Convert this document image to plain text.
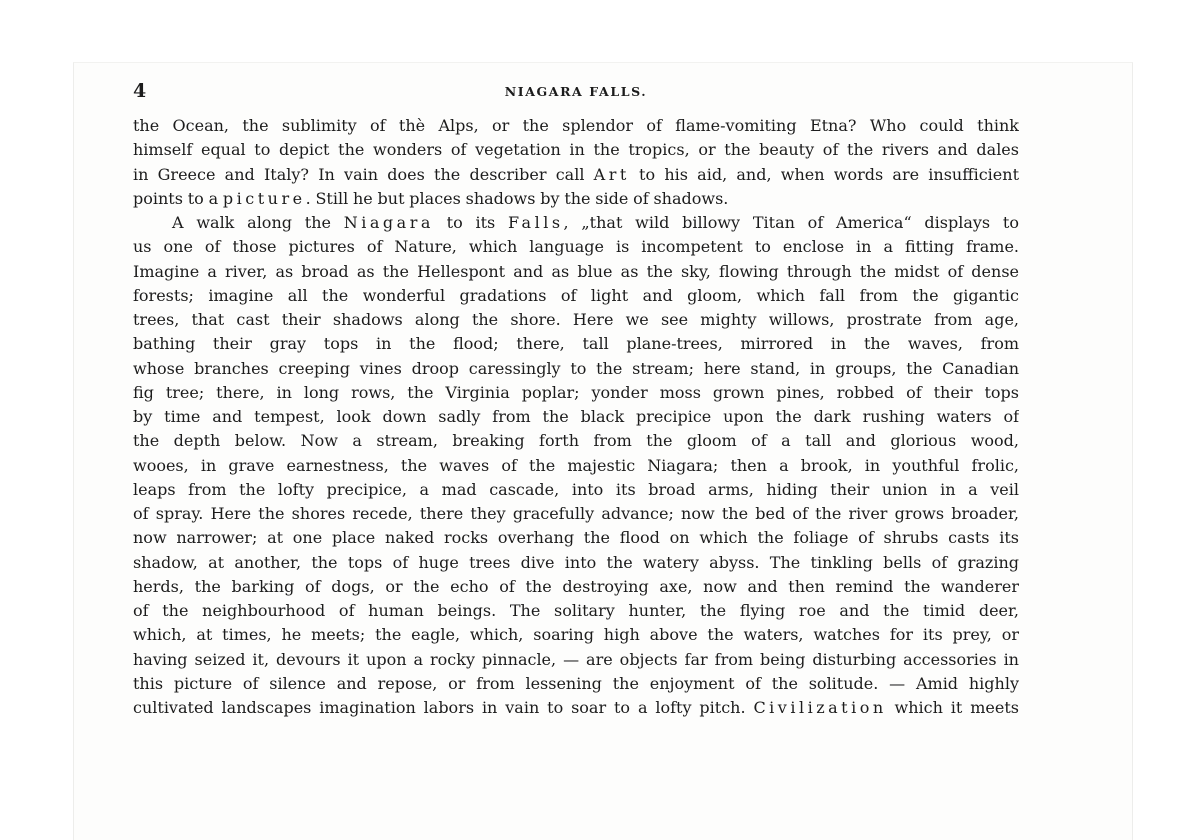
4	NIAGARA FALLS.
the Ocean, the sublimity of thè Alps, or the splendor of flame-vomiting Etna? Who could think
himself equal to depict the wonders of vegetation in the tropics, or the beauty of the rivers and dales
in Greece and Italy? In vain does the describer call Art to his aid, and, when words are insufficient
points to a picture. Still he but places shadows by the side of shadows.
A walk along the Niagara to its Falls, „that wild billowy Titan of America“ displays to
us one of those pictures of Nature, which language is incompetent to enclose in a fitting frame.
Imagine a river, as broad as the Hellespont and as blue as the sky, flowing through the midst of dense
forests; imagine all the wonderful gradations of light and gloom, which fall from the gigantic
trees, that cast their shadows along the shore. Here we see mighty willows, prostrate from age,
bathing their gray tops in the flood; there, tall plane-trees, mirrored in the waves, from
whose branches creeping vines droop caressingly to the stream; here stand, in groups, the Canadian
fig tree; there, in long rows, the Virginia poplar; yonder moss grown pines, robbed of their tops
by time and tempest, look down sadly from the black precipice upon the dark rushing waters of
the depth below. Now a stream, breaking forth from the gloom of a tall and glorious wood,
wooes, in grave earnestness, the waves of the majestic Niagara; then a brook, in youthful frolic,
leaps from the lofty precipice, a mad cascade, into its broad arms, hiding their union in a veil
of spray. Here the shores recede, there they gracefully advance; now the bed of the river grows broader,
now narrower; at one place naked rocks overhang the flood on which the foliage of shrubs casts its
shadow, at another, the tops of huge trees dive into the watery abyss. The tinkling bells of grazing
herds, the barking of dogs, or the echo of the destroying axe, now and then remind the wanderer
of the neighbourhood of human beings. The solitary hunter, the flying roe and the timid deer,
which, at times, he meets; the eagle, which, soaring high above the waters, watches for its prey, or
having seized it, devours it upon a rocky pinnacle, — are objects far from being disturbing accessories in
this picture of silence and repose, or from lessening the enjoyment of the solitude. — Amid highly
cultivated landscapes imagination labors in vain to soar to a lofty pitch. Civilization which it meets
